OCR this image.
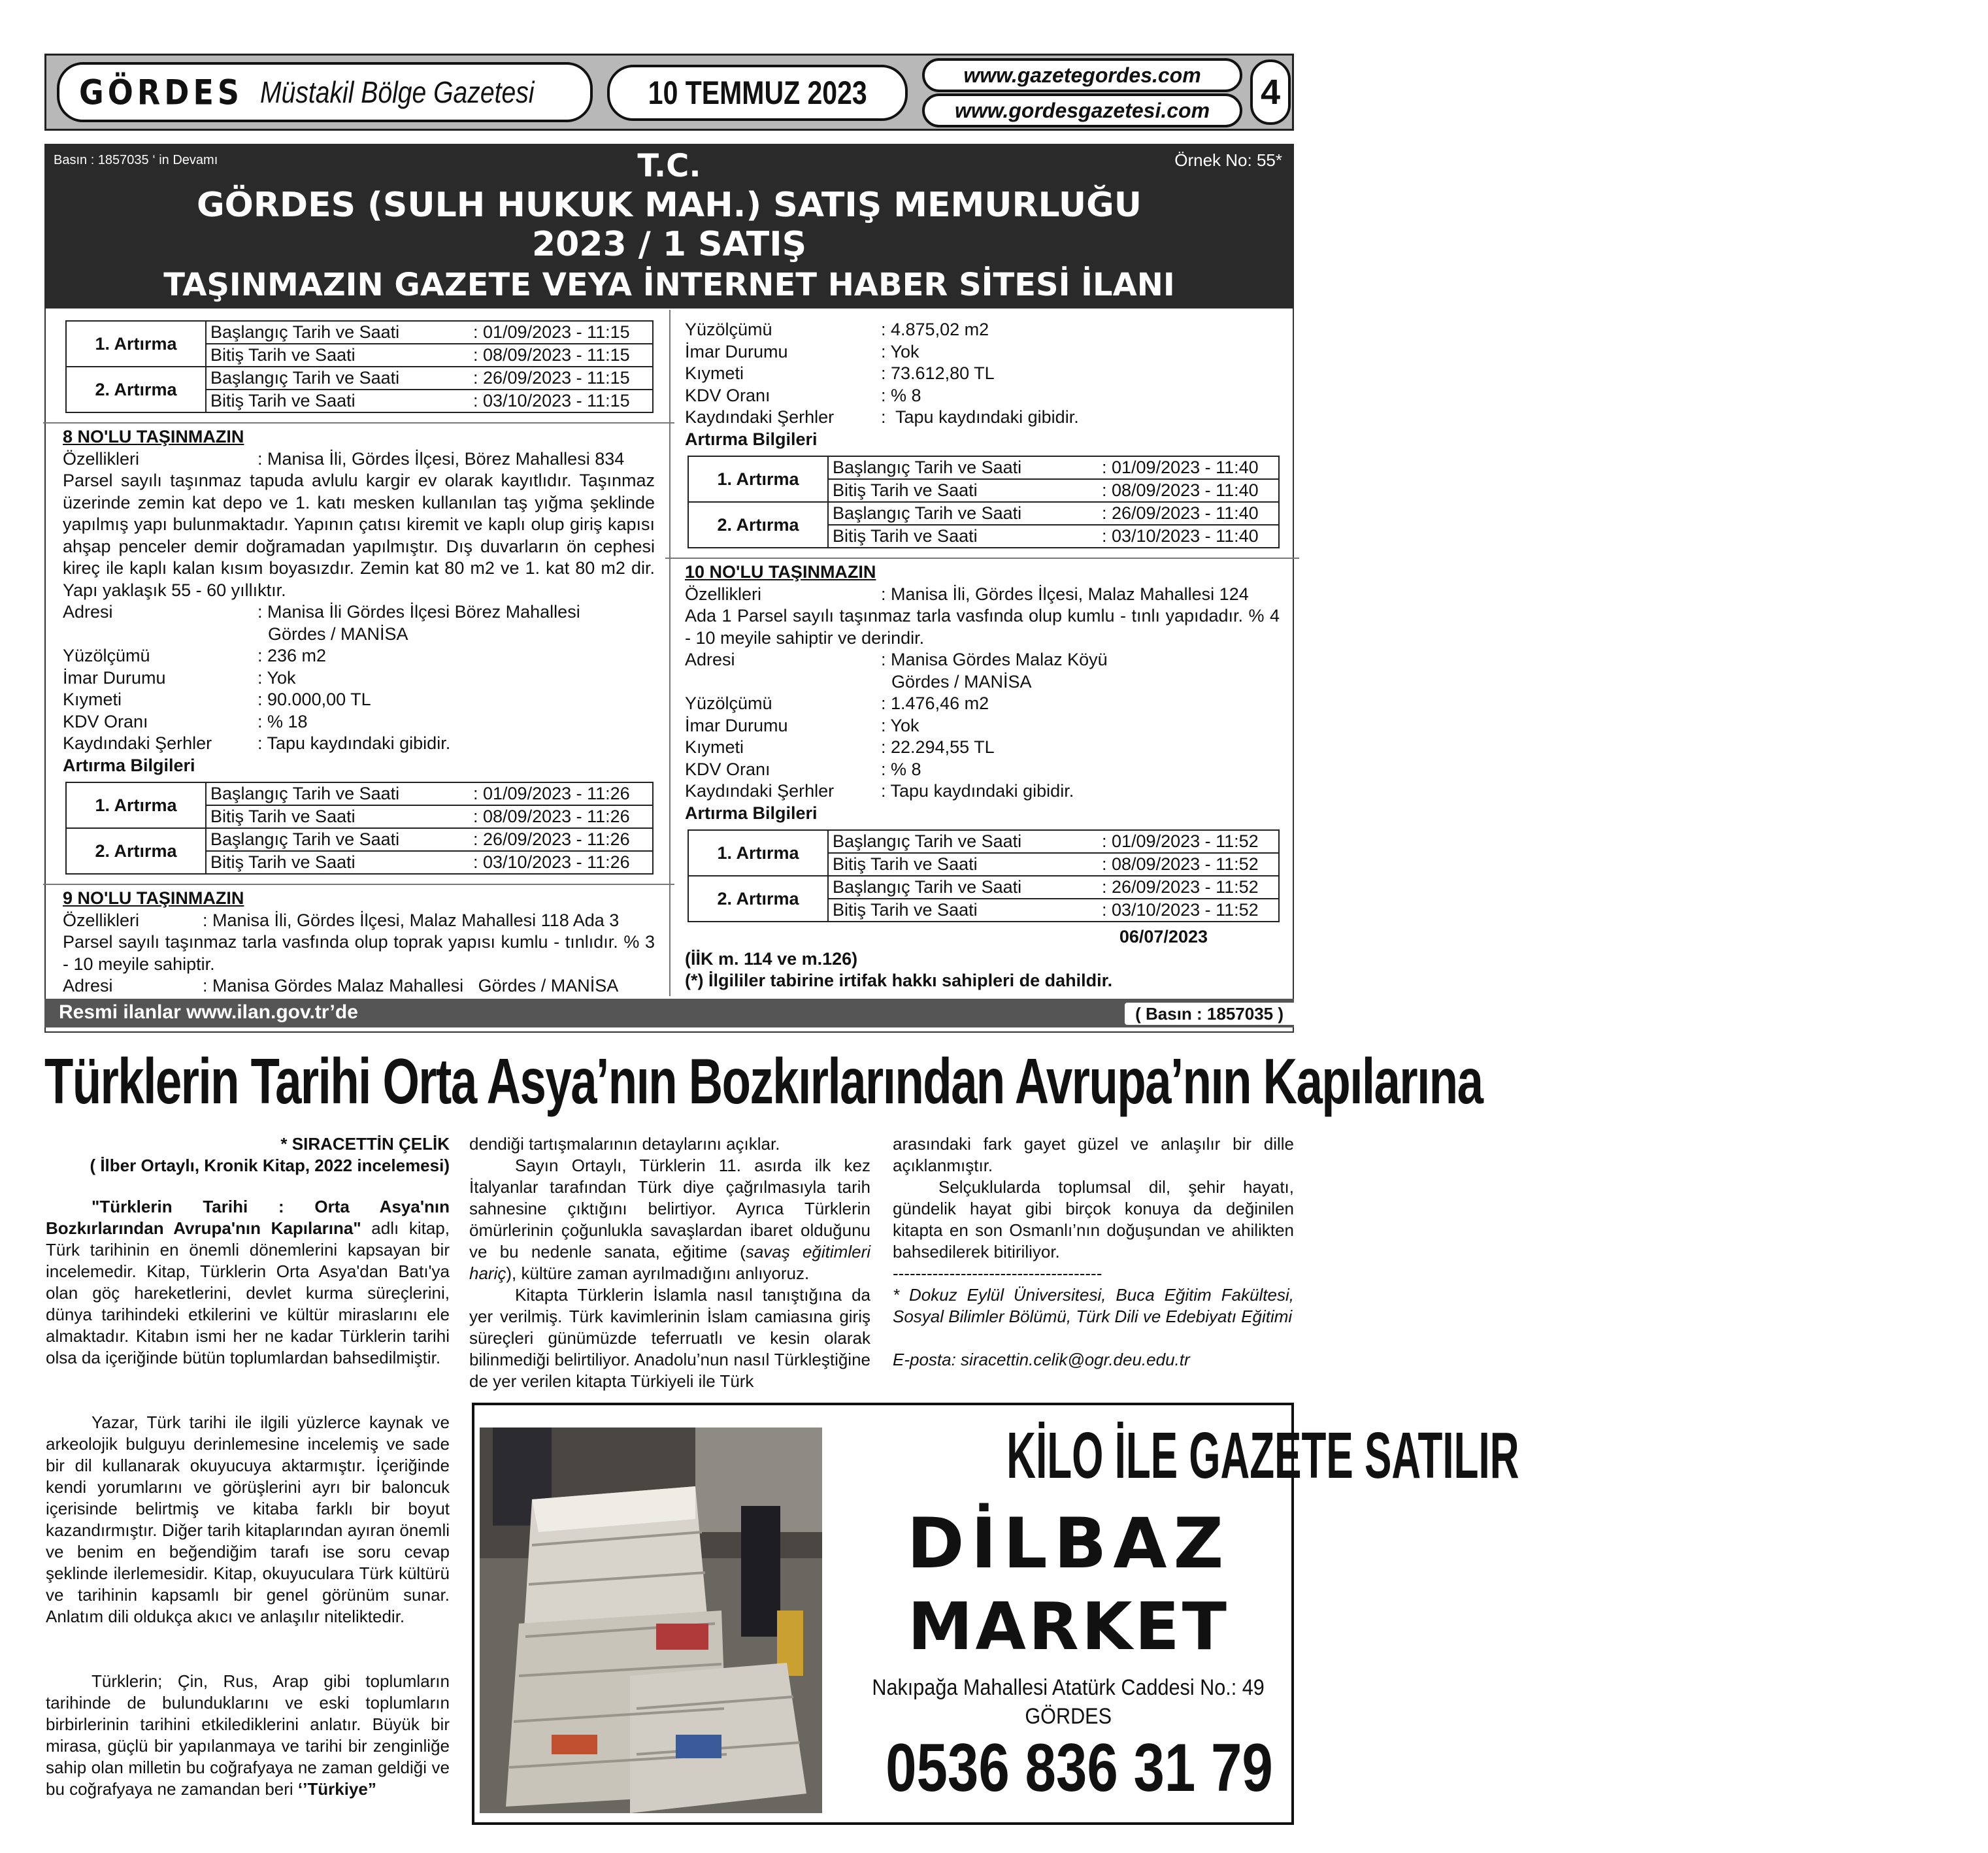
GÖRDES Müstakil Bölge Gazetesi	10 TEMMUZ 2023	www.gazetegordes.com
www.gordesgazetesi.com 4
Basın : 1857035 ‘ in Devamı	Örnek No: 55*
T.C.
GÖRDES (SULH HUKUK MAH.) SATIŞ MEMURLUĞU
2023 / 1 SATIŞ
TAŞINMAZIN GAZETE VEYA İNTERNET HABER SİTESİ İLANI
1. Artırma	Başlangıç Tarih ve Saati	: 01/09/2023 - 11:15
	Bitiş Tarih ve Saati	: 08/09/2023 - 11:15
2. Artırma	Başlangıç Tarih ve Saati	: 26/09/2023 - 11:15
	Bitiş Tarih ve Saati	: 03/10/2023 - 11:15

8 NO'LU TAŞINMAZIN

Özellikleri	: Manisa İli, Gördes İlçesi, Börez Mahallesi 834

Parsel sayılı taşınmaz tapuda avlulu kargir ev olarak kayıtlıdır. Taşınmaz üzerinde zemin kat depo ve 1. katı mesken kullanılan taş yığma şeklinde yapılmış yapı bulunmaktadır. Yapının çatısı kiremit ve kaplı olup giriş kapısı ahşap penceler demir doğramadan yapılmıştır. Dış duvarların ön cephesi kireç ile kaplı kalan kısım boyasızdır. Zemin kat 80 m2 ve 1. kat 80 m2 dir. Yapı yaklaşık 55 - 60 yıllıktır.

Adresi	: Manisa İli Gördes İlçesi Börez Mahallesi

Gördes / MANİSA

Yüzölçümü	: 236 m2
İmar Durumu	: Yok
Kıymeti	: 90.000,00 TL
KDV Oranı	: % 18
Kaydındaki Şerhler	: Tapu kaydındaki gibidir.

Artırma Bilgileri

1. Artırma	Başlangıç Tarih ve Saati	: 01/09/2023 - 11:26
	Bitiş Tarih ve Saati	: 08/09/2023 - 11:26
2. Artırma	Başlangıç Tarih ve Saati	: 26/09/2023 - 11:26
	Bitiş Tarih ve Saati	: 03/10/2023 - 11:26

9 NO'LU TAŞINMAZIN

Özellikleri	: Manisa İli, Gördes İlçesi, Malaz Mahallesi 118 Ada 3

Parsel sayılı taşınmaz tarla vasfında olup toprak yapısı kumlu - tınlıdır. % 3 - 10 meyile sahiptir.

Adresi	: Manisa Gördes Malaz Mahallesi   Gördes / MANİSA
Yüzölçümü	: 4.875,02 m2
İmar Durumu	: Yok
Kıymeti	: 73.612,80 TL
KDV Oranı	: % 8
Kaydındaki Şerhler	:  Tapu kaydındaki gibidir.

Artırma Bilgileri

1. Artırma	Başlangıç Tarih ve Saati	: 01/09/2023 - 11:40
	Bitiş Tarih ve Saati	: 08/09/2023 - 11:40
2. Artırma	Başlangıç Tarih ve Saati	: 26/09/2023 - 11:40
	Bitiş Tarih ve Saati	: 03/10/2023 - 11:40

10 NO'LU TAŞINMAZIN

Özellikleri	: Manisa İli, Gördes İlçesi, Malaz Mahallesi 124

Ada 1 Parsel sayılı taşınmaz tarla vasfında olup kumlu - tınlı yapıdadır. % 4 - 10 meyile sahiptir ve derindir.

Adresi	: Manisa Gördes Malaz Köyü

Gördes / MANİSA

Yüzölçümü	: 1.476,46 m2
İmar Durumu	: Yok
Kıymeti	: 22.294,55 TL
KDV Oranı	: % 8
Kaydındaki Şerhler	: Tapu kaydındaki gibidir.

Artırma Bilgileri

1. Artırma	Başlangıç Tarih ve Saati	: 01/09/2023 - 11:52
	Bitiş Tarih ve Saati	: 08/09/2023 - 11:52
2. Artırma	Başlangıç Tarih ve Saati	: 26/09/2023 - 11:52
	Bitiş Tarih ve Saati	: 03/10/2023 - 11:52

06/07/2023

(İİK m. 114 ve m.126)

(*) İlgililer tabirine irtifak hakkı sahipleri de dahildir.

Resmi ilanlar www.ilan.gov.tr’de	( Basın : 1857035 )
Türklerin Tarihi Orta Asya’nın Bozkırlarından Avrupa’nın Kapılarına

* SIRACETTİN ÇELİK

( İlber Ortaylı, Kronik Kitap, 2022 incelemesi)

"Türklerin Tarihi : Orta Asya'nın Bozkırlarından Avrupa'nın Kapılarına" adlı kitap, Türk tarihinin en önemli dönemlerini kapsayan bir incelemedir. Kitap, Türklerin Orta Asya'dan Batı'ya olan göç hareketlerini, devlet kurma süreçlerini, dünya tarihindeki etkilerini ve kültür miraslarını ele almaktadır. Kitabın ismi her ne kadar Türklerin tarihi olsa da içeriğinde bütün toplumlardan bahsedilmiştir.

Yazar, Türk tarihi ile ilgili yüzlerce kaynak ve arkeolojik bulguyu derinlemesine incelemiş ve sade bir dil kullanarak okuyucuya aktarmıştır. İçeriğinde kendi yorumlarını ve görüşlerini ayrı bir baloncuk içerisinde belirtmiş ve kitaba farklı bir boyut kazandırmıştır. Diğer tarih kitaplarından ayıran önemli ve benim en beğendiğim tarafı ise soru cevap şeklinde ilerlemesidir. Kitap, okuyuculara Türk kültürü ve tarihinin kapsamlı bir genel görünüm sunar. Anlatım dili oldukça akıcı ve anlaşılır niteliktedir.

Türklerin; Çin, Rus, Arap gibi toplumların tarihinde de bulunduklarını ve eski toplumların birbirlerinin tarihini etkilediklerini anlatır. Büyük bir mirasa, güçlü bir yapılanmaya ve tarihi bir zenginliğe sahip olan milletin bu coğrafyaya ne zaman geldiği ve bu coğrafyaya ne zamandan beri ‘’Türkiye”

dendiği tartışmalarının detaylarını açıklar.

Sayın Ortaylı, Türklerin 11. asırda ilk kez İtalyanlar tarafından Türk diye çağrılmasıyla tarih sahnesine çıktığını belirtiyor. Ayrıca Türklerin ömürlerinin çoğunlukla savaşlardan ibaret olduğunu ve bu nedenle sanata, eğitime (savaş eğitimleri hariç), kültüre zaman ayrılmadığını anlıyoruz.

Kitapta Türklerin İslamla nasıl tanıştığına da yer verilmiş. Türk kavimlerinin İslam camiasına giriş süreçleri günümüzde teferruatlı ve kesin olarak bilinmediği belirtiliyor. Anadolu’nun nasıl Türkleştiğine de yer verilen kitapta Türkiyeli ile Türk

arasındaki fark gayet güzel ve anlaşılır bir dille açıklanmıştır.

Selçuklularda toplumsal dil, şehir hayatı, gündelik hayat gibi birçok konuya da değinilen kitapta en son Osmanlı’nın doğuşundan ve ahilikten bahsedilerek bitiriliyor.

-------------------------------------

* Dokuz Eylül Üniversitesi, Buca Eğitim Fakültesi, Sosyal Bilimler Bölümü, Türk Dili ve Edebiyatı Eğitimi

E-posta: siracettin.celik@ogr.deu.edu.tr

KİLO İLE GAZETE SATILIR
DİLBAZ
MARKET
Nakıpağa Mahallesi Atatürk Caddesi No.: 49
GÖRDES
0536 836 31 79
